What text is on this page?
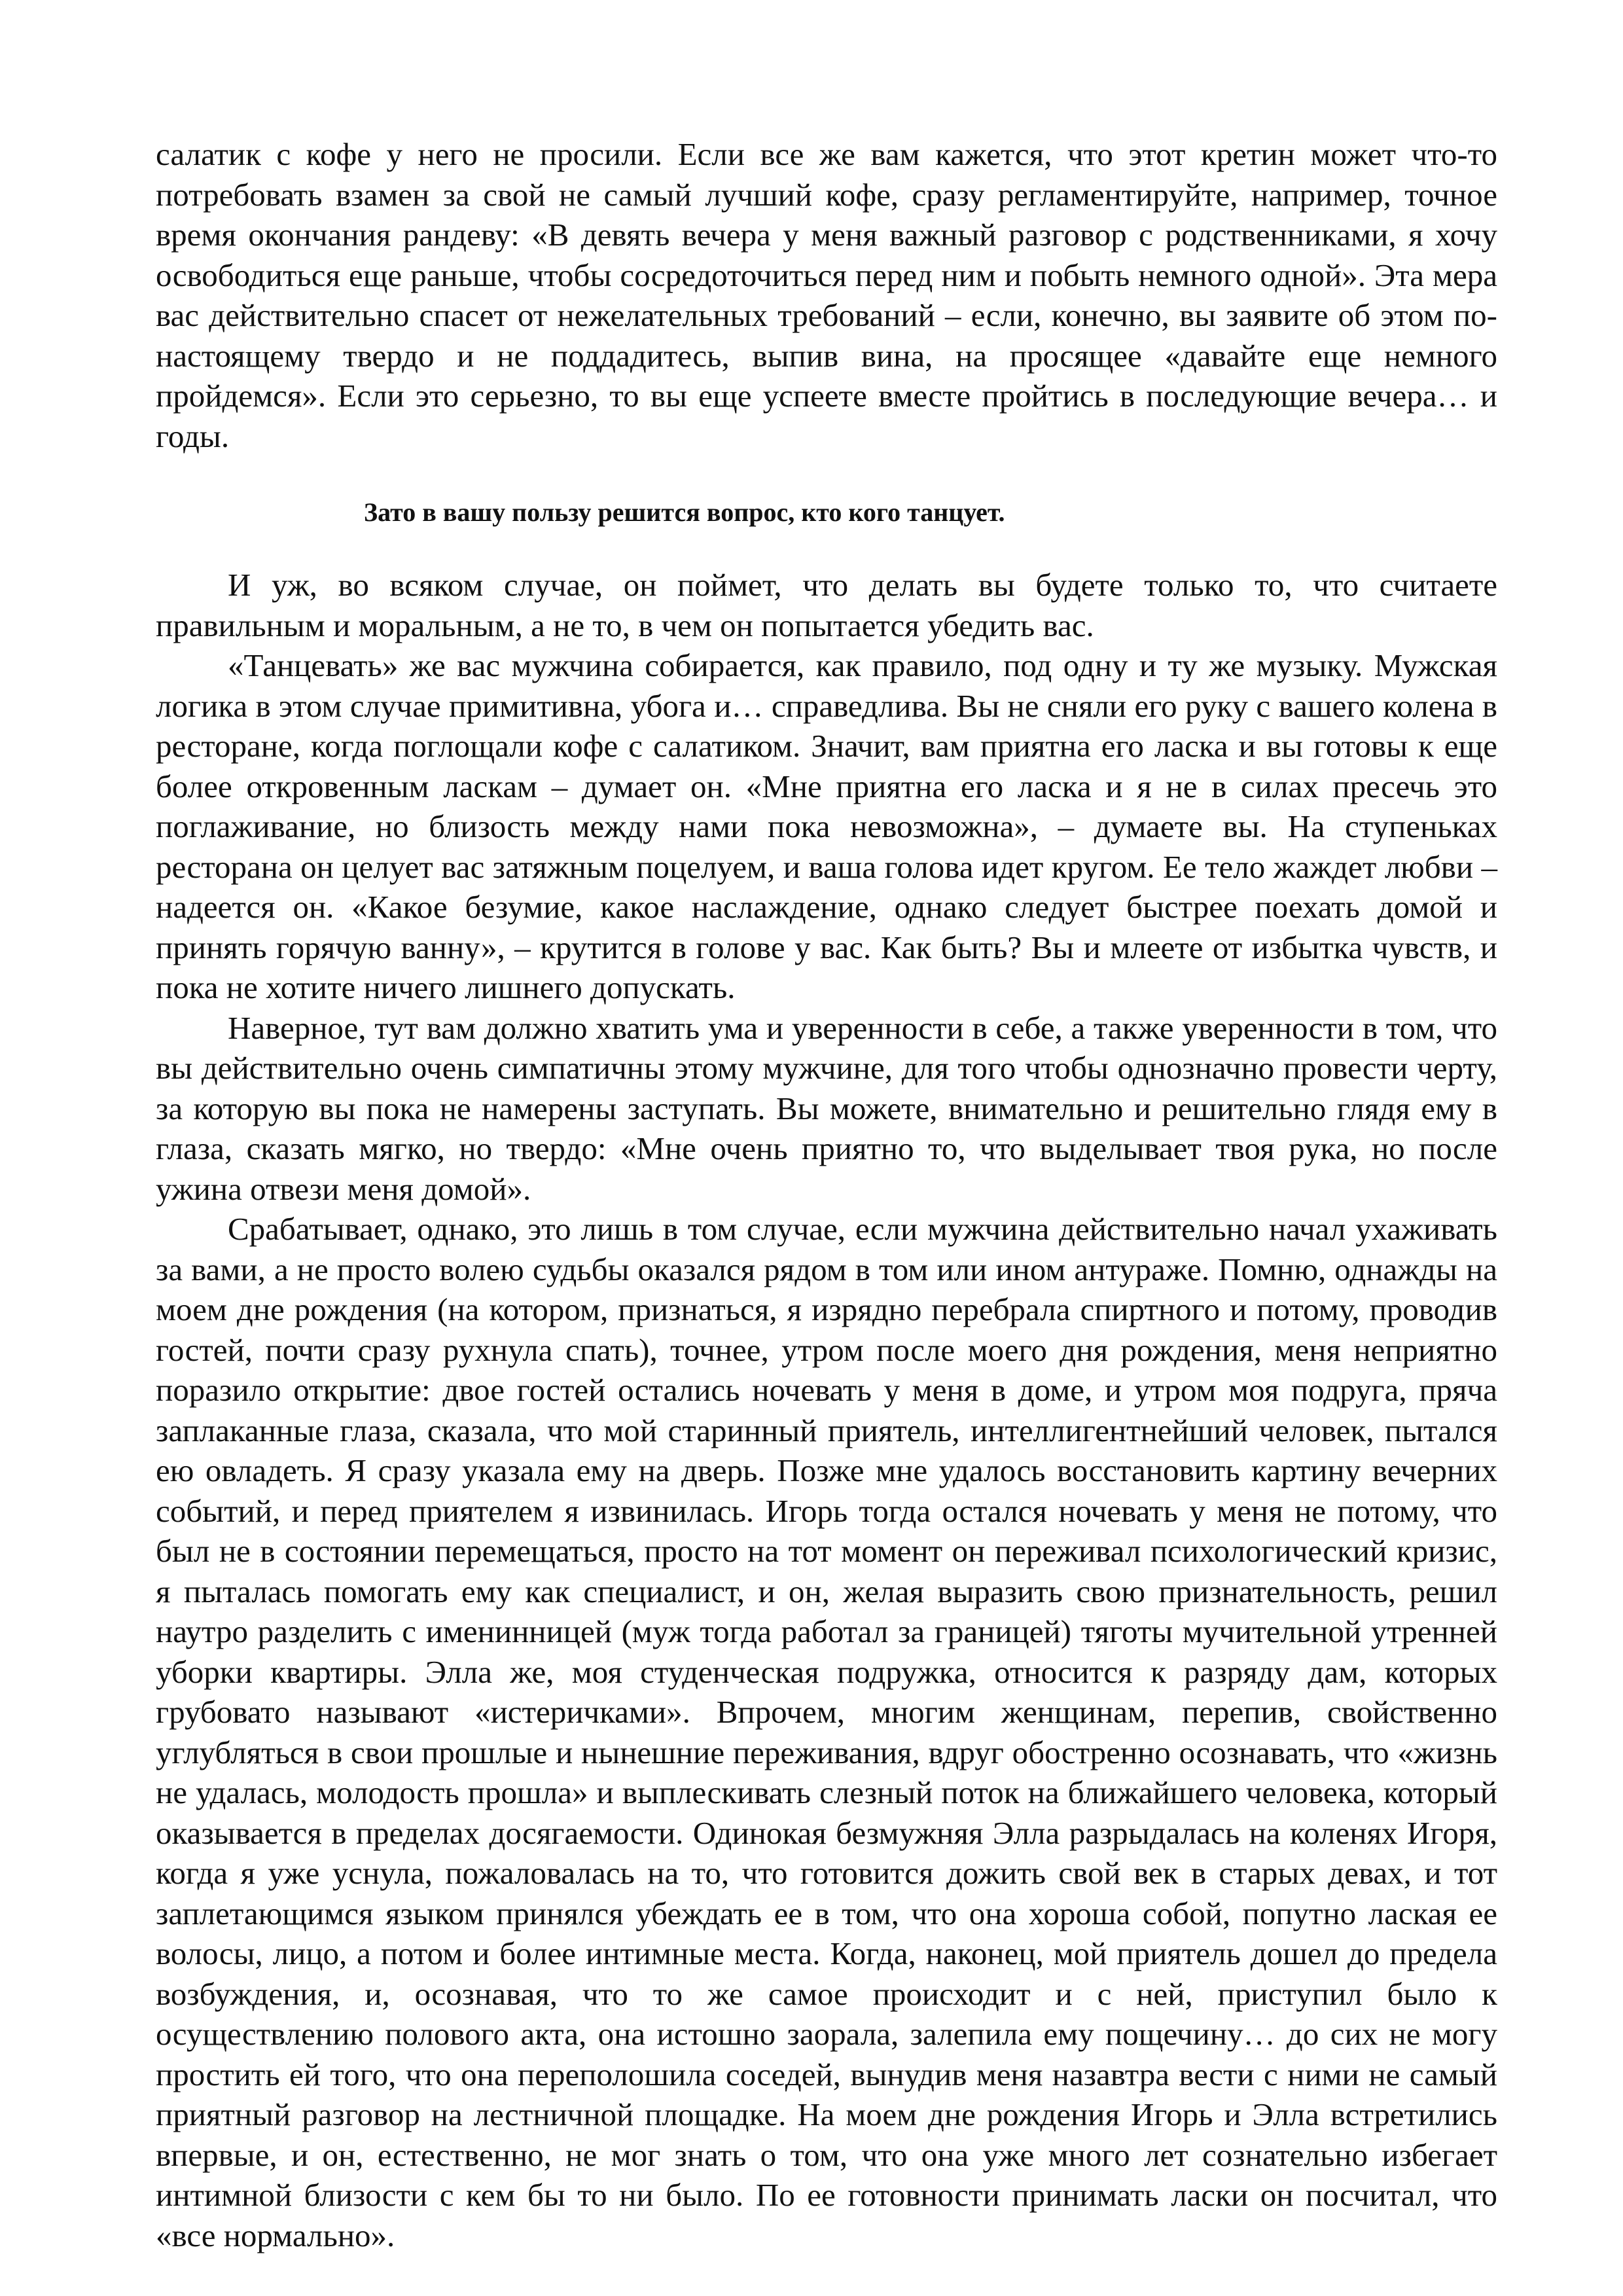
салатик с кофе у него не просили. Если все же вам кажется, что этот кретин может что-то потребовать взамен за свой не самый лучший кофе, сразу регламентируйте, например, точное время окончания рандеву: «В девять вечера у меня важный разговор с родственниками, я хочу освободиться еще раньше, чтобы сосредоточиться перед ним и побыть немного одной». Эта мера вас действительно спасет от нежелательных требований – если, конечно, вы заявите об этом по-настоящему твердо и не поддадитесь, выпив вина, на просящее «давайте еще немного пройдемся». Если это серьезно, то вы еще успеете вместе пройтись в последующие вечера… и годы.

Зато в вашу пользу решится вопрос, кто кого танцует.

И уж, во всяком случае, он поймет, что делать вы будете только то, что считаете правильным и моральным, а не то, в чем он попытается убедить вас.

«Танцевать» же вас мужчина собирается, как правило, под одну и ту же музыку. Мужская логика в этом случае примитивна, убога и… справедлива. Вы не сняли его руку с вашего колена в ресторане, когда поглощали кофе с салатиком. Значит, вам приятна его ласка и вы готовы к еще более откровенным ласкам – думает он. «Мне приятна его ласка и я не в силах пресечь это поглаживание, но близость между нами пока невозможна», – думаете вы. На ступеньках ресторана он целует вас затяжным поцелуем, и ваша голова идет кругом. Ее тело жаждет любви – надеется он. «Какое безумие, какое наслаждение, однако следует быстрее поехать домой и принять горячую ванну», – крутится в голове у вас. Как быть? Вы и млеете от избытка чувств, и пока не хотите ничего лишнего допускать.

Наверное, тут вам должно хватить ума и уверенности в себе, а также уверенности в том, что вы действительно очень симпатичны этому мужчине, для того чтобы однозначно провести черту, за которую вы пока не намерены заступать. Вы можете, внимательно и решительно глядя ему в глаза, сказать мягко, но твердо: «Мне очень приятно то, что выделывает твоя рука, но после ужина отвези меня домой».

Срабатывает, однако, это лишь в том случае, если мужчина действительно начал ухаживать за вами, а не просто волею судьбы оказался рядом в том или ином антураже. Помню, однажды на моем дне рождения (на котором, признаться, я изрядно перебрала спиртного и потому, проводив гостей, почти сразу рухнула спать), точнее, утром после моего дня рождения, меня неприятно поразило открытие: двое гостей остались ночевать у меня в доме, и утром моя подруга, пряча заплаканные глаза, сказала, что мой старинный приятель, интеллигентнейший человек, пытался ею овладеть. Я сразу указала ему на дверь. Позже мне удалось восстановить картину вечерних событий, и перед приятелем я извинилась. Игорь тогда остался ночевать у меня не потому, что был не в состоянии перемещаться, просто на тот момент он переживал психологический кризис, я пыталась помогать ему как специалист, и он, желая выразить свою признательность, решил наутро разделить с именинницей (муж тогда работал за границей) тяготы мучительной утренней уборки квартиры. Элла же, моя студенческая подружка, относится к разряду дам, которых грубовато называют «истеричками». Впрочем, многим женщинам, перепив, свойственно углубляться в свои прошлые и нынешние переживания, вдруг обостренно осознавать, что «жизнь не удалась, молодость прошла» и выплескивать слезный поток на ближайшего человека, который оказывается в пределах досягаемости. Одинокая безмужняя Элла разрыдалась на коленях Игоря, когда я уже уснула, пожаловалась на то, что готовится дожить свой век в старых девах, и тот заплетающимся языком принялся убеждать ее в том, что она хороша собой, попутно лаская ее волосы, лицо, а потом и более интимные места. Когда, наконец, мой приятель дошел до предела возбуждения, и, осознавая, что то же самое происходит и с ней, приступил было к осуществлению полового акта, она истошно заорала, залепила ему пощечину… до сих не могу простить ей того, что она переполошила соседей, вынудив меня назавтра вести с ними не самый приятный разговор на лестничной площадке. На моем дне рождения Игорь и Элла встретились впервые, и он, естественно, не мог знать о том, что она уже много лет сознательно избегает интимной близости с кем бы то ни было. По ее готовности принимать ласки он посчитал, что «все нормально».
